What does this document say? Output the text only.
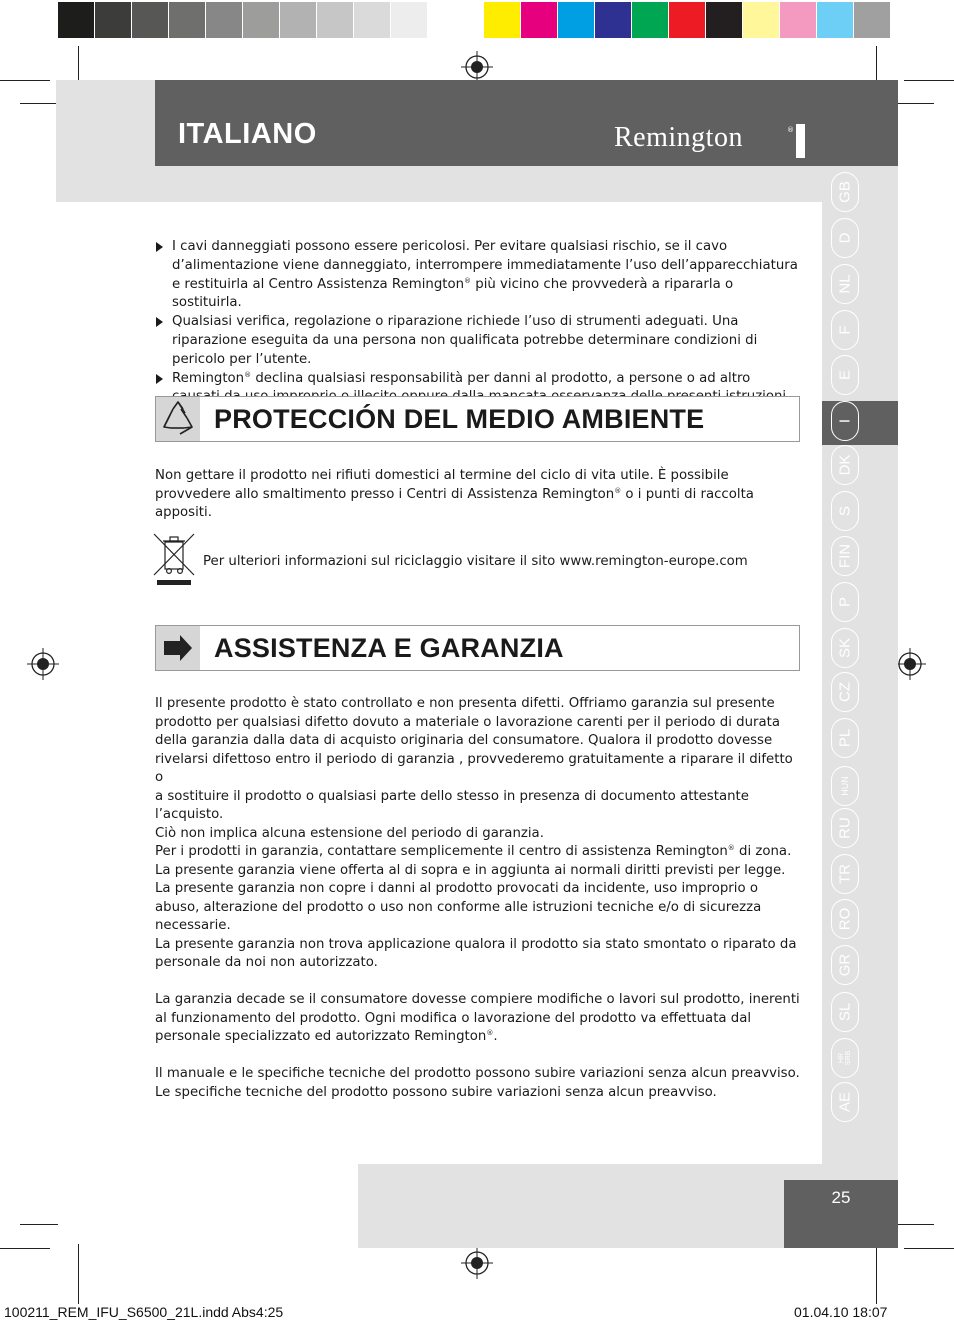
ITALIANO	Remington	®
GB
D
NL
F
E
I
DK
S
FIN
P
SK
CZ
PL
HUN
RU
TR
RO
GR
SL
HR
SRB
AE
I cavi danneggiati possono essere pericolosi. Per evitare qualsiasi rischio, se il cavo d’alimentazione viene danneggiato, interrompere immediatamente l’uso dell’apparecchiatura e restituirla al Centro Assistenza Remington® più vicino che provvederà a ripararla o sostituirla.
Qualsiasi verifica, regolazione o riparazione richiede l’uso di strumenti adeguati. Una riparazione eseguita da una persona non qualificata potrebbe determinare condizioni di pericolo per l’utente.
Remington® declina qualsiasi responsabilità per danni al prodotto, a persone o ad altro
PROTECCIÓN DEL MEDIO AMBIENTE
Non gettare il prodotto nei rifiuti domestici al termine del ciclo di vita utile. È possibile provvedere allo smaltimento presso i Centri di Assistenza Remington® o i punti di raccolta appositi.
Per ulteriori informazioni sul riciclaggio visitare il sito www.remington-europe.com
ASSISTENZA E GARANZIA

Il presente prodotto è stato controllato e non presenta difetti. Offriamo garanzia sul presente prodotto per qualsiasi difetto dovuto a materiale o lavorazione carenti per il periodo di durata della garanzia dalla data di acquisto originaria del consumatore. Qualora il prodotto dovesse rivelarsi difettoso entro il periodo di garanzia , provvederemo gratuitamente a riparare il difetto o

a sostituire il prodotto o qualsiasi parte dello stesso in presenza di documento attestante l’acquisto.

Ciò non implica alcuna estensione del periodo di garanzia.

Per i prodotti in garanzia, contattare semplicemente il centro di assistenza Remington® di zona.

La presente garanzia viene offerta al di sopra e in aggiunta ai normali diritti previsti per legge.

La presente garanzia non copre i danni al prodotto provocati da incidente, uso improprio o abuso, alterazione del prodotto o uso non conforme alle istruzioni tecniche e/o di sicurezza necessarie.

La presente garanzia non trova applicazione qualora il prodotto sia stato smontato o riparato da personale da noi non autorizzato.

La garanzia decade se il consumatore dovesse compiere modifiche o lavori sul prodotto, inerenti al funzionamento del prodotto. Ogni modifica o lavorazione del prodotto va effettuata dal personale specializzato ed autorizzato Remington®.

Il manuale e le specifiche tecniche del prodotto possono subire variazioni senza alcun preavviso.

Le specifiche tecniche del prodotto possono subire variazioni senza alcun preavviso.

25
100211_REM_IFU_S6500_21L.indd Abs4:25	01.04.10 18:07
